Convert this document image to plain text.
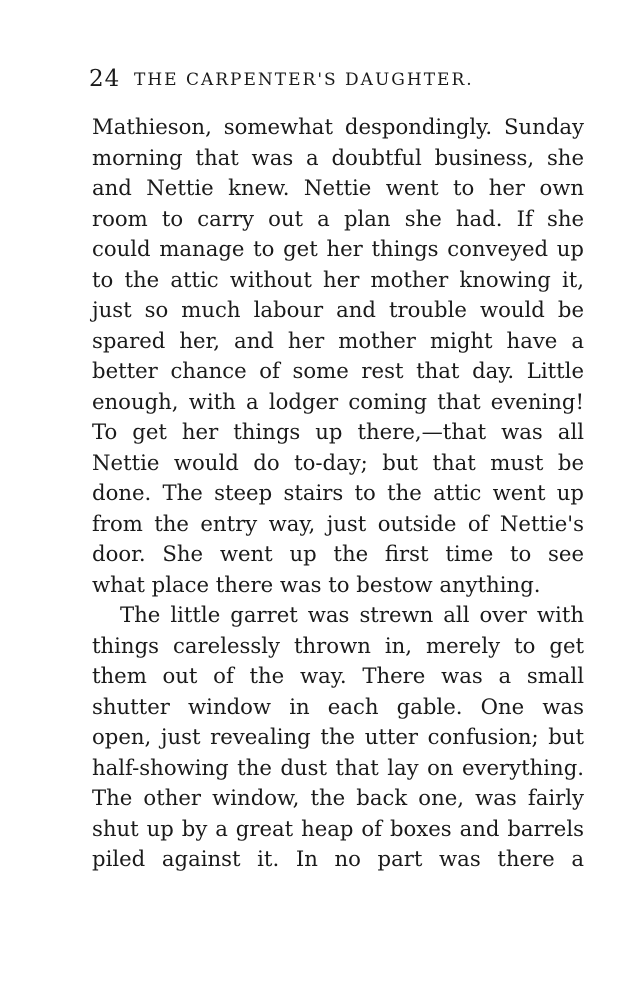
24 THE CARPENTER'S DAUGHTER.
Mathieson, somewhat despondingly. Sunday
morning that was a doubtful business, she
and Nettie knew. Nettie went to her own
room to carry out a plan she had. If she
could manage to get her things conveyed up
to the attic without her mother knowing it,
just so much labour and trouble would be
spared her, and her mother might have a
better chance of some rest that day. Little
enough, with a lodger coming that evening!
To get her things up there,—that was all
Nettie would do to-day; but that must be
done. The steep stairs to the attic went up
from the entry way, just outside of Nettie's
door. She went up the first time to see
what place there was to bestow anything.
The little garret was strewn all over with
things carelessly thrown in, merely to get
them out of the way. There was a small
shutter window in each gable. One was
open, just revealing the utter confusion; but
half-showing the dust that lay on everything.
The other window, the back one, was fairly
shut up by a great heap of boxes and barrels
piled against it. In no part was there a
